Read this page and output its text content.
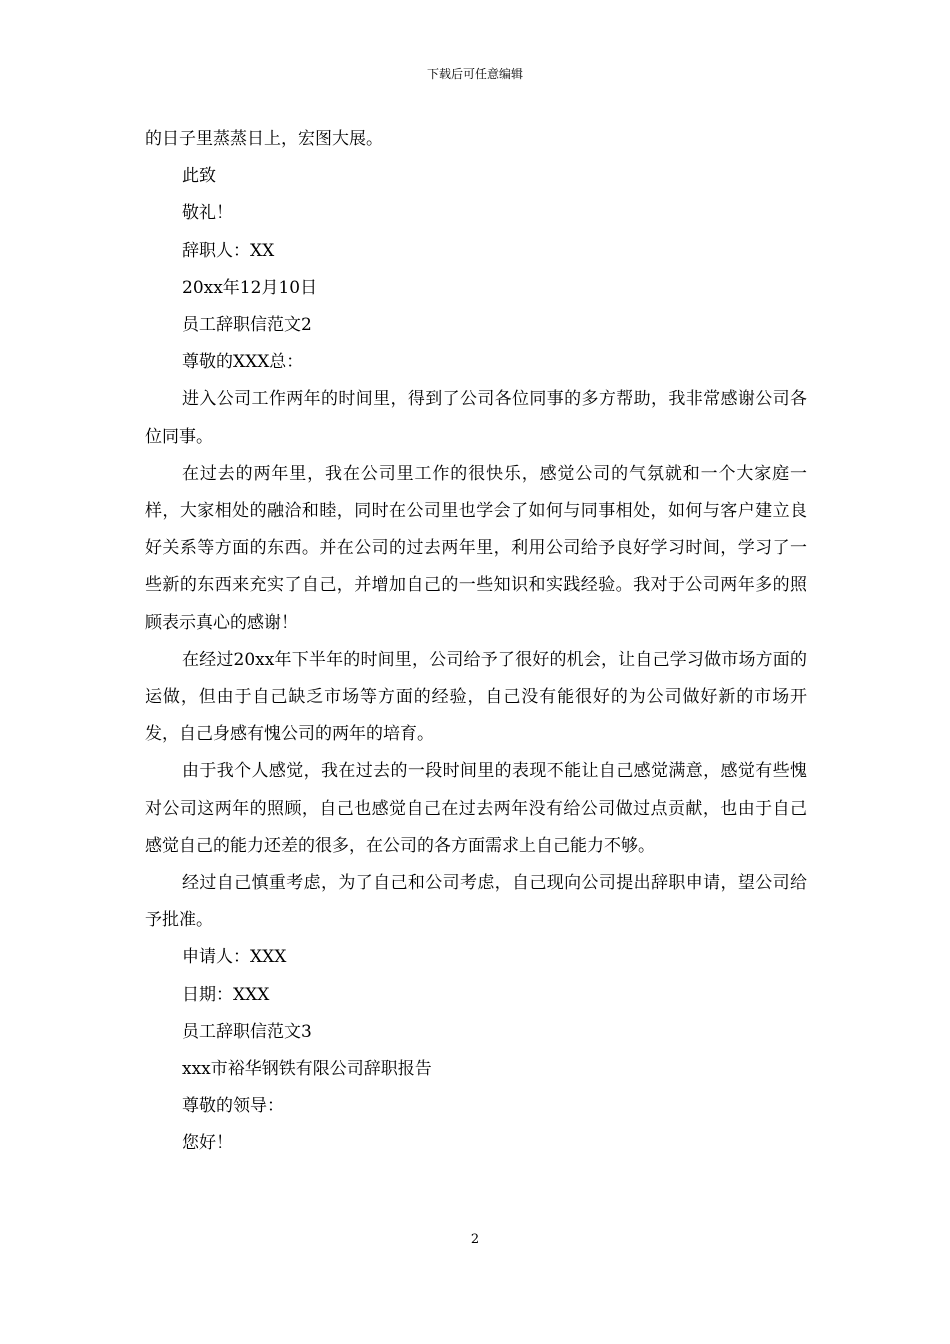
下载后可任意编辑

的日子里蒸蒸日上，宏图大展。

此致

敬礼！

辞职人：XX

20xx年12月10日

员工辞职信范文2

尊敬的XXX总：

进入公司工作两年的时间里，得到了公司各位同事的多方帮助，我非常感谢公司各位同事。

在过去的两年里，我在公司里工作的很快乐，感觉公司的气氛就和一个大家庭一样，大家相处的融洽和睦，同时在公司里也学会了如何与同事相处，如何与客户建立良好关系等方面的东西。并在公司的过去两年里，利用公司给予良好学习时间，学习了一些新的东西来充实了自己，并增加自己的一些知识和实践经验。我对于公司两年多的照顾表示真心的感谢！

在经过20xx年下半年的时间里，公司给予了很好的机会，让自己学习做市场方面的运做，但由于自己缺乏市场等方面的经验，自己没有能很好的为公司做好新的市场开发，自己身感有愧公司的两年的培育。

由于我个人感觉，我在过去的一段时间里的表现不能让自己感觉满意，感觉有些愧对公司这两年的照顾，自己也感觉自己在过去两年没有给公司做过点贡献，也由于自己感觉自己的能力还差的很多，在公司的各方面需求上自己能力不够。

经过自己慎重考虑，为了自己和公司考虑，自己现向公司提出辞职申请，望公司给予批准。

申请人：XXX

日期：XXX

员工辞职信范文3

xxx市裕华钢铁有限公司辞职报告

尊敬的领导：

您好！

2
